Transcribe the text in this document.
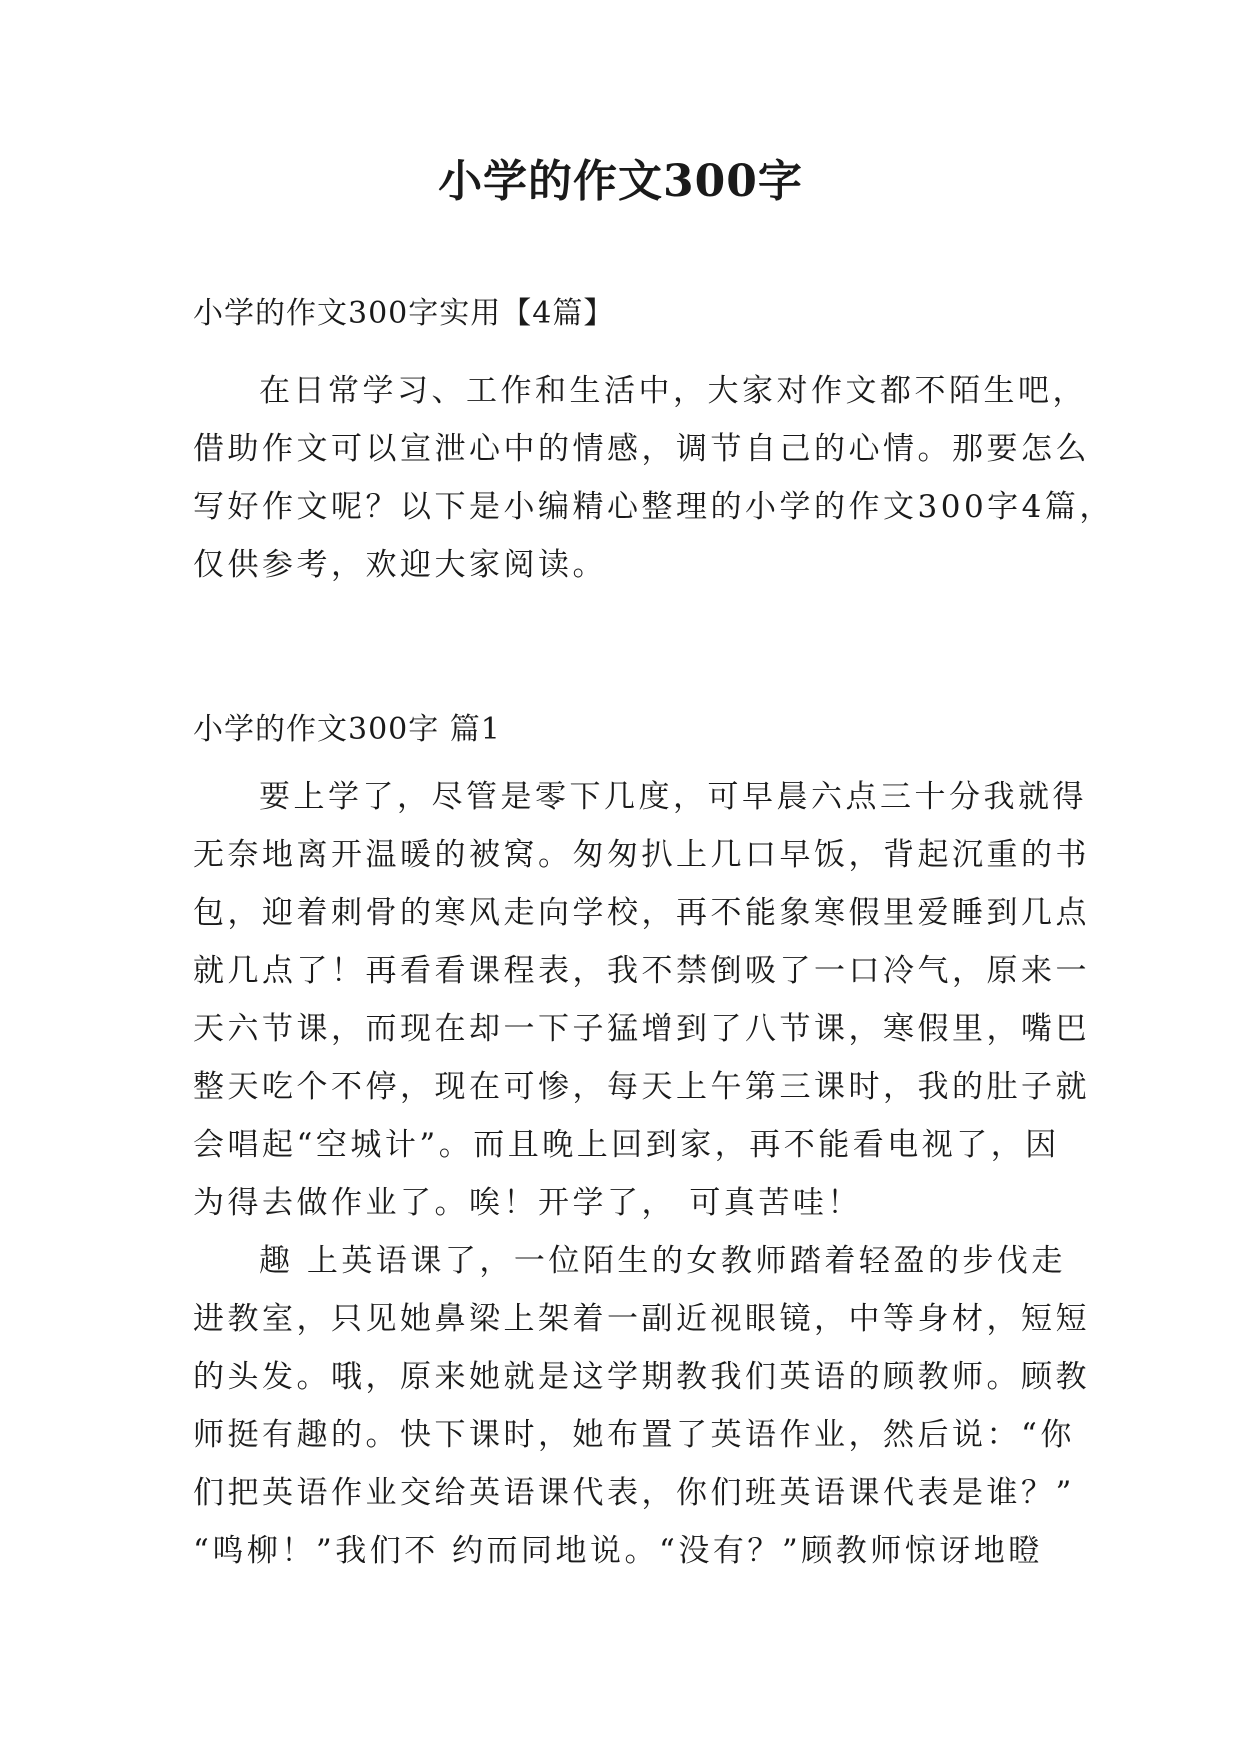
小学的作文300字
小学的作文300字实用【4篇】
在日常学习、工作和生活中，大家对作文都不陌生吧，
借助作文可以宣泄心中的情感，调节自己的心情。那要怎么
写好作文呢？以下是小编精心整理的小学的作文300字4篇，
仅供参考，欢迎大家阅读。
小学的作文300字 篇1
要上学了，尽管是零下几度，可早晨六点三十分我就得
无奈地离开温暖的被窝。匆匆扒上几口早饭，背起沉重的书
包，迎着刺骨的寒风走向学校，再不能象寒假里爱睡到几点
就几点了！再看看课程表，我不禁倒吸了一口冷气，原来一
天六节课，而现在却一下子猛增到了八节课，寒假里，嘴巴
整天吃个不停，现在可惨，每天上午第三课时，我的肚子就
会唱起“空城计”。而且晚上回到家，再不能看电视了，因
为得去做作业了。唉！开学了， 可真苦哇！
趣 上英语课了，一位陌生的女教师踏着轻盈的步伐走
进教室，只见她鼻梁上架着一副近视眼镜，中等身材，短短
的头发。哦，原来她就是这学期教我们英语的顾教师。顾教
师挺有趣的。快下课时，她布置了英语作业，然后说：“你
们把英语作业交给英语课代表，你们班英语课代表是谁？”
“鸣柳！”我们不 约而同地说。“没有？”顾教师惊讶地瞪
